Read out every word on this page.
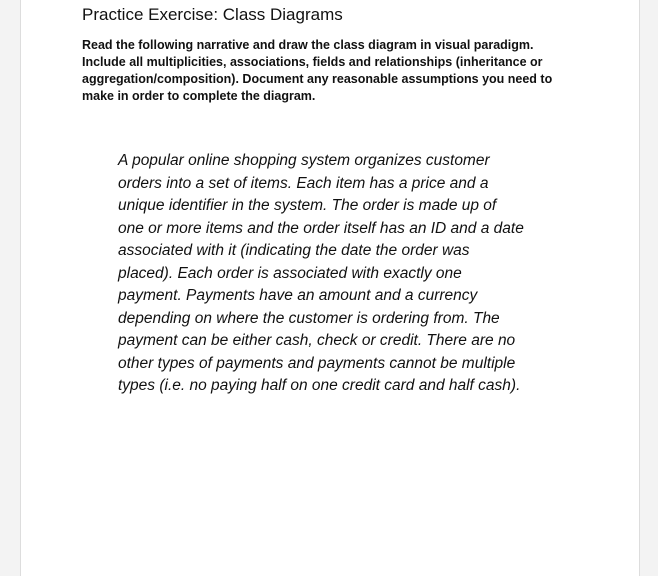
Practice Exercise: Class Diagrams
Read the following narrative and draw the class diagram in visual paradigm.
Include all multiplicities, associations, fields and relationships (inheritance or
aggregation/composition). Document any reasonable assumptions you need to
make in order to complete the diagram.
A popular online shopping system organizes customer
orders into a set of items. Each item has a price and a
unique identifier in the system. The order is made up of
one or more items and the order itself has an ID and a date
associated with it (indicating the date the order was
placed). Each order is associated with exactly one
payment. Payments have an amount and a currency
depending on where the customer is ordering from. The
payment can be either cash, check or credit. There are no
other types of payments and payments cannot be multiple
types (i.e. no paying half on one credit card and half cash).
